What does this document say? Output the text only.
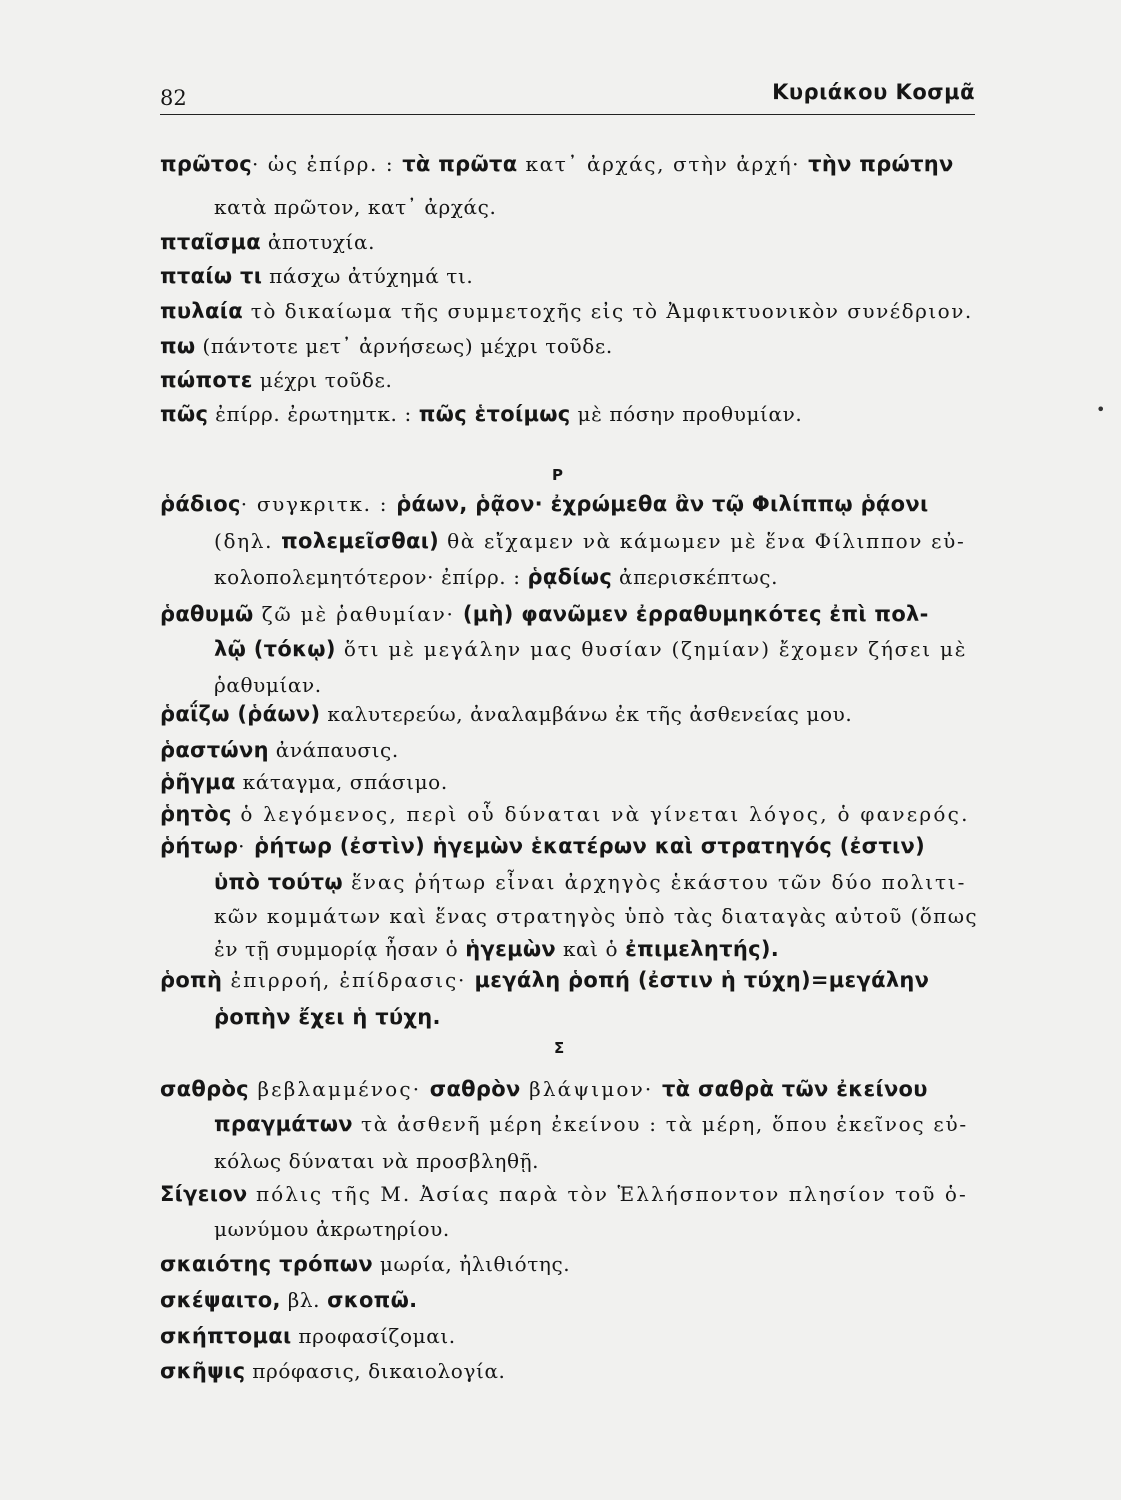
82	Κυριάκου Κοσμᾶ
πρῶτος· ὡς ἐπίρρ. : τὰ πρῶτα κατ᾽ ἀρχάς, στὴν ἀρχή· τὴν πρώτην
κατὰ πρῶτον, κατ᾽ ἀρχάς.
πταῖσμα ἀποτυχία.
πταίω τι πάσχω ἀτύχημά τι.
πυλαία τὸ δικαίωμα τῆς συμμετοχῆς εἰς τὸ Ἀμφικτυονικὸν συνέδριον.
πω (πάντοτε μετ᾽ ἀρνήσεως) μέχρι τοῦδε.
πώποτε μέχρι τοῦδε.
πῶς ἐπίρρ. ἐρωτημτκ. : πῶς ἑτοίμως μὲ πόσην προθυμίαν.
ῥάδιος· συγκριτκ. : ῥάων, ῥᾷον· ἐχρώμεθα ἂν τῷ Φιλίππῳ ῥᾴονι
(δηλ. πολεμεῖσθαι) θὰ εἴχαμεν νὰ κάμωμεν μὲ ἕνα Φίλιππον εὐ-
κολοπολεμητότερον· ἐπίρρ. : ῥᾳδίως ἀπερισκέπτως.
ῥαθυμῶ ζῶ μὲ ῥαθυμίαν· (μὴ) φανῶμεν ἐρραθυμηκότες ἐπὶ πολ-
λῷ (τόκῳ) ὅτι μὲ μεγάλην μας θυσίαν (ζημίαν) ἔχομεν ζήσει μὲ
ῥαθυμίαν.
ῥαΐζω (ῥάων) καλυτερεύω, ἀναλαμβάνω ἐκ τῆς ἀσθενείας μου.
ῥαστώνη ἀνάπαυσις.
ῥῆγμα κάταγμα, σπάσιμο.
ῥητὸς ὁ λεγόμενος, περὶ οὗ δύναται νὰ γίνεται λόγος, ὁ φανερός.
ῥήτωρ· ῥήτωρ (ἐστὶν) ἡγεμὼν ἑκατέρων καὶ στρατηγός (ἐστιν)
ὑπὸ τούτῳ ἕνας ῥήτωρ εἶναι ἀρχηγὸς ἑκάστου τῶν δύο πολιτι-
κῶν κομμάτων καὶ ἕνας στρατηγὸς ὑπὸ τὰς διαταγὰς αὐτοῦ (ὅπως
ἐν τῇ συμμορίᾳ ἦσαν ὁ ἡγεμὼν καὶ ὁ ἐπιμελητής).
ῥοπὴ ἐπιρροή, ἐπίδρασις· μεγάλη ῥοπή (ἐστιν ἡ τύχη)=μεγάλην
ῥοπὴν ἔχει ἡ τύχη.
σαθρὸς βεβλαμμένος· σαθρὸν βλάψιμον· τὰ σαθρὰ τῶν ἐκείνου
πραγμάτων τὰ ἀσθενῆ μέρη ἐκείνου : τὰ μέρη, ὅπου ἐκεῖνος εὐ-
κόλως δύναται νὰ προσβληθῇ.
Σίγειον πόλις τῆς Μ. Ἀσίας παρὰ τὸν Ἑλλήσποντον πλησίον τοῦ ὁ-
μωνύμου ἀκρωτηρίου.
σκαιότης τρόπων μωρία, ἠλιθιότης.
σκέψαιτο, βλ. σκοπῶ.
σκήπτομαι προφασίζομαι.
σκῆψις πρόφασις, δικαιολογία.
Ρ
Σ
•
